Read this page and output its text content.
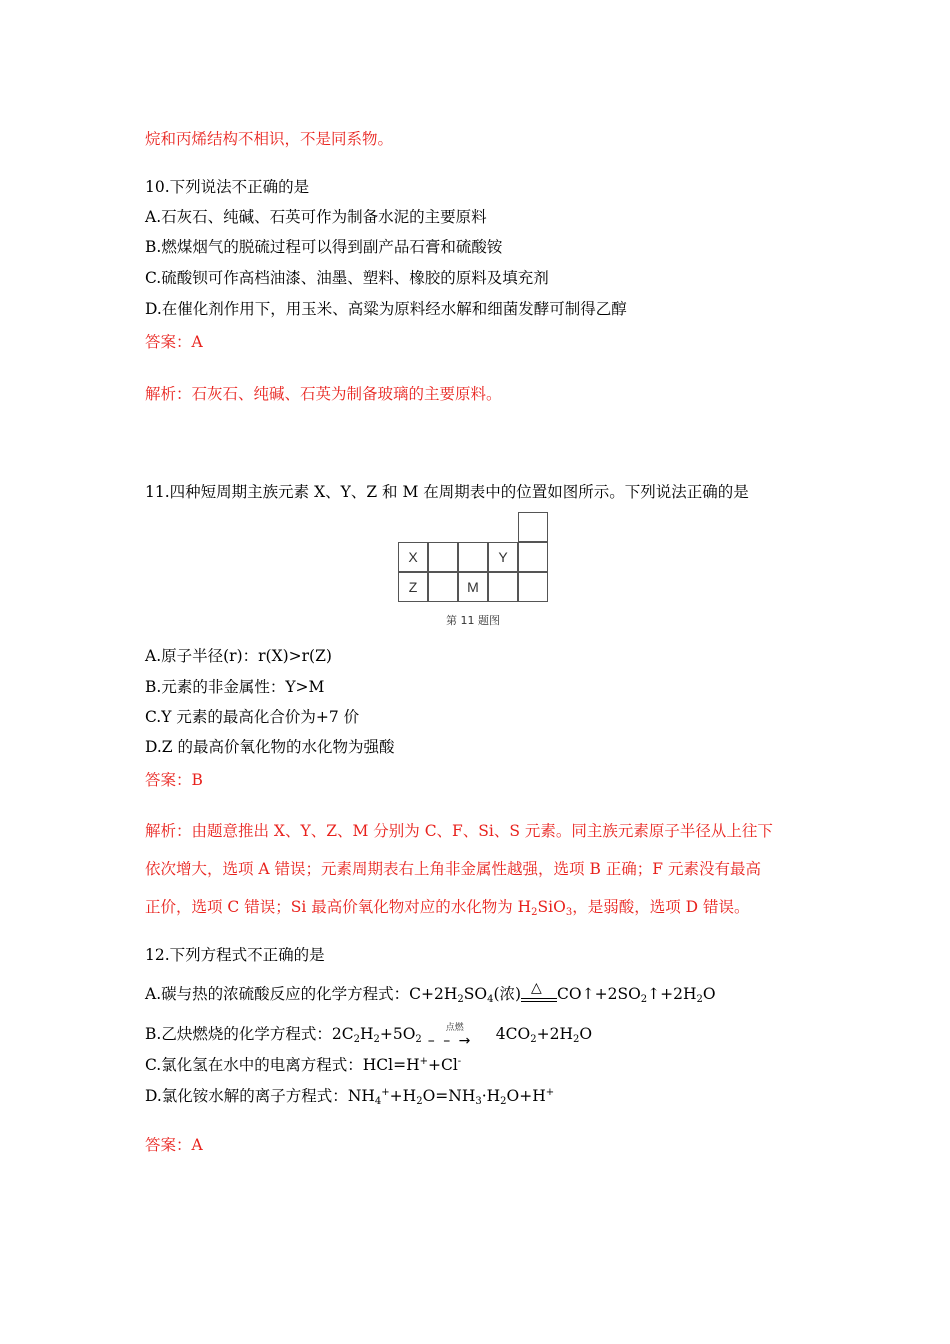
烷和丙烯结构不相识，不是同系物。
10.下列说法不正确的是
A.石灰石、纯碱、石英可作为制备水泥的主要原料
B.燃煤烟气的脱硫过程可以得到副产品石膏和硫酸铵
C.硫酸钡可作高档油漆、油墨、塑料、橡胶的原料及填充剂
D.在催化剂作用下，用玉米、高粱为原料经水解和细菌发酵可制得乙醇
答案：A
解析：石灰石、纯碱、石英为制备玻璃的主要原料。
11.四种短周期主族元素 X、Y、Z 和 M 在周期表中的位置如图所示。下列说法正确的是
X	Y
Z	M
第 11 题图
A.原子半径(r)：r(X)>r(Z)
B.元素的非金属性：Y>M
C.Y 元素的最高化合价为+7 价
D.Z 的最高价氧化物的水化物为强酸
答案：B
解析：由题意推出 X、Y、Z、M 分别为 C、F、Si、S 元素。同主族元素原子半径从上往下
依次增大，选项 A 错误；元素周期表右上角非金属性越强，选项 B 正确；F 元素没有最高
正价，选项 C 错误；Si 最高价氧化物对应的水化物为 $H_2SiO_3$，是弱酸，选项 D 错误。
12.下列方程式不正确的是
A.碳与热的浓硫酸反应的化学方程式：$C+2H_2SO_4$(浓) △ $CO↑+2SO_2↑+2H_2O$
B.乙炔燃烧的化学方程式：$2C_2H_2+5O_2$
点燃
– – → $4CO_2+2H_2O$
C.氯化氢在水中的电离方程式：HCl=H++Cl-
D.氯化铵水解的离子方程式：$NH_4^++H_2O=NH_3\cdot H_2O+H^+$
答案：A
